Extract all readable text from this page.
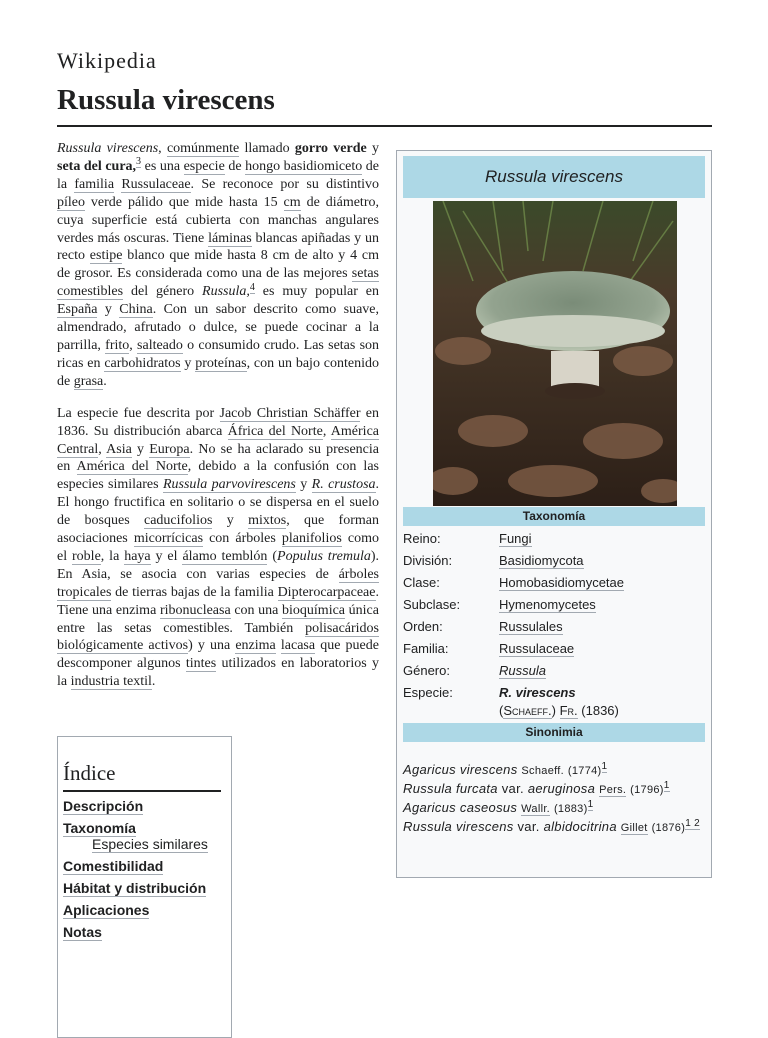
Wikipedia
Russula virescens

Russula virescens, comúnmente llamado gorro verde y seta del cura,$^3$ es una especie de hongo basidiomiceto de la familia Russulaceae. Se reconoce por su distintivo píleo verde pálido que mide hasta 15 cm de diámetro, cuya superficie está cubierta con manchas angulares verdes más oscuras. Tiene láminas blancas apiñadas y un recto estipe blanco que mide hasta 8 cm de alto y 4 cm de grosor. Es considerada como una de las mejores setas comestibles del género Russula,$^4$ es muy popular en España y China. Con un sabor descrito como suave, almendrado, afrutado o dulce, se puede cocinar a la parrilla, frito, salteado o consumido crudo. Las setas son ricas en carbohidratos y proteínas, con un bajo contenido de grasa.

La especie fue descrita por Jacob Christian Schäffer en 1836. Su distribución abarca África del Norte, América Central, Asia y Europa. No se ha aclarado su presencia en América del Norte, debido a la confusión con las especies similares Russula parvovirescens y R. crustosa. El hongo fructifica en solitario o se dispersa en el suelo de bosques caducifolios y mixtos, que forman asociaciones micorrícicas con árboles planifolios como el roble, la haya y el álamo temblón (Populus tremula). En Asia, se asocia con varias especies de árboles tropicales de tierras bajas de la familia Dipterocarpaceae. Tiene una enzima ribonucleasa con una bioquímica única entre las setas comestibles. También polisacáridos biológicamente activos) y una enzima lacasa que puede descomponer algunos tintes utilizados en laboratorios y la industria textil.

Índice
Descripción
Taxonomía
Especies similares
Comestibilidad
Hábitat y distribución
Aplicaciones
Notas
Russula virescens
Taxonomía
Reino:	Fungi
División:	Basidiomycota
Clase:	Homobasidiomycetae
Subclase:	Hymenomycetes
Orden:	Russulales
Familia:	Russulaceae
Género:	Russula
Especie:	R. virescens
(Schaeff.) Fr. (1836)
Sinonimia
Agaricus virescens Schaeff. $(1774)^1$
Russula furcata var. aeruginosa Pers. $(1796)^1$
Agaricus caseosus Wallr. $(1883)^1$
Russula virescens var. albidocitrina Gillet $(1876)^{1 2}$
